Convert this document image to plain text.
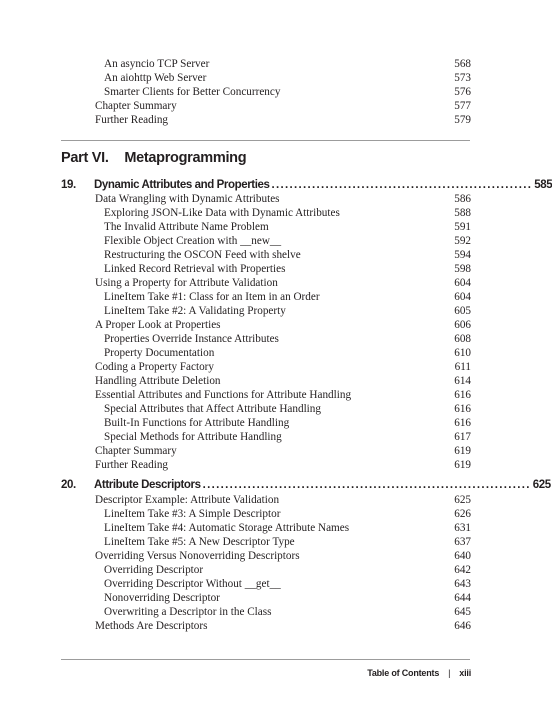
An asyncio TCP Server	568
An aiohttp Web Server	573
Smarter Clients for Better Concurrency	576
Chapter Summary	577
Further Reading	579
Part VI. Metaprogramming
19.	Dynamic Attributes and Properties .......................................................... 585
Data Wrangling with Dynamic Attributes	586
Exploring JSON-Like Data with Dynamic Attributes	588
The Invalid Attribute Name Problem	591
Flexible Object Creation with __new__	592
Restructuring the OSCON Feed with shelve	594
Linked Record Retrieval with Properties	598
Using a Property for Attribute Validation	604
LineItem Take #1: Class for an Item in an Order	604
LineItem Take #2: A Validating Property	605
A Proper Look at Properties	606
Properties Override Instance Attributes	608
Property Documentation	610
Coding a Property Factory	611
Handling Attribute Deletion	614
Essential Attributes and Functions for Attribute Handling	616
Special Attributes that Affect Attribute Handling	616
Built-In Functions for Attribute Handling	616
Special Methods for Attribute Handling	617
Chapter Summary	619
Further Reading	619
20.	Attribute Descriptors ......................................................................... 625
Descriptor Example: Attribute Validation	625
LineItem Take #3: A Simple Descriptor	626
LineItem Take #4: Automatic Storage Attribute Names	631
LineItem Take #5: A New Descriptor Type	637
Overriding Versus Nonoverriding Descriptors	640
Overriding Descriptor	642
Overriding Descriptor Without __get__	643
Nonoverriding Descriptor	644
Overwriting a Descriptor in the Class	645
Methods Are Descriptors	646
Table of Contents | xiii
